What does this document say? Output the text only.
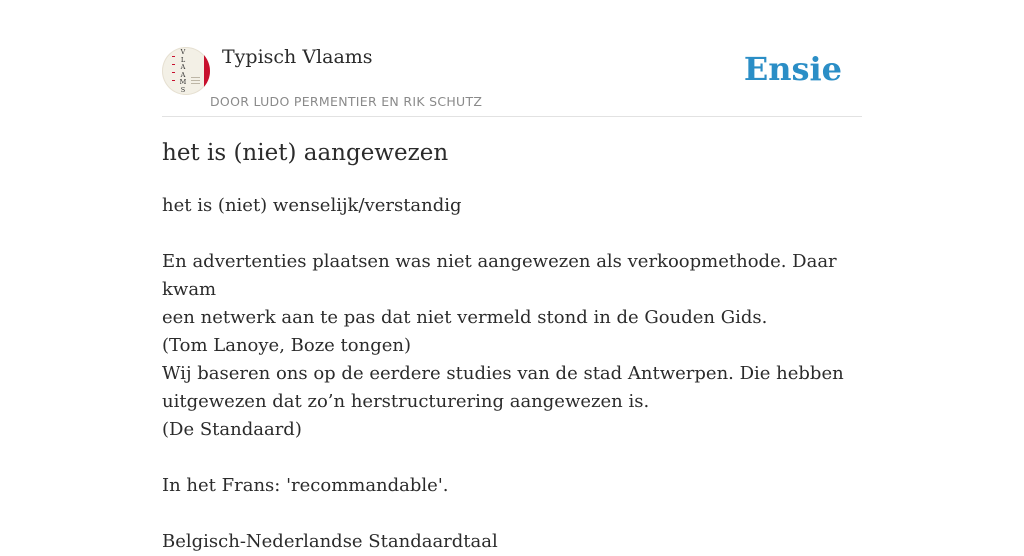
V
L
A
A
M
S
Typisch Vlaams
DOOR LUDO PERMENTIER EN RIK SCHUTZ
Ensie
het is (niet) aangewezen

het is (niet) wenselijk/verstandig

En advertenties plaatsen was niet aangewezen als verkoopmethode. Daar kwam

een netwerk aan te pas dat niet vermeld stond in de Gouden Gids.

(Tom Lanoye, Boze tongen)

Wij baseren ons op de eerdere studies van de stad Antwerpen. Die hebben

uitgewezen dat zo’n herstructurering aangewezen is.

(De Standaard)

In het Frans: 'recommandable'.

Belgisch-Nederlandse Standaardtaal
